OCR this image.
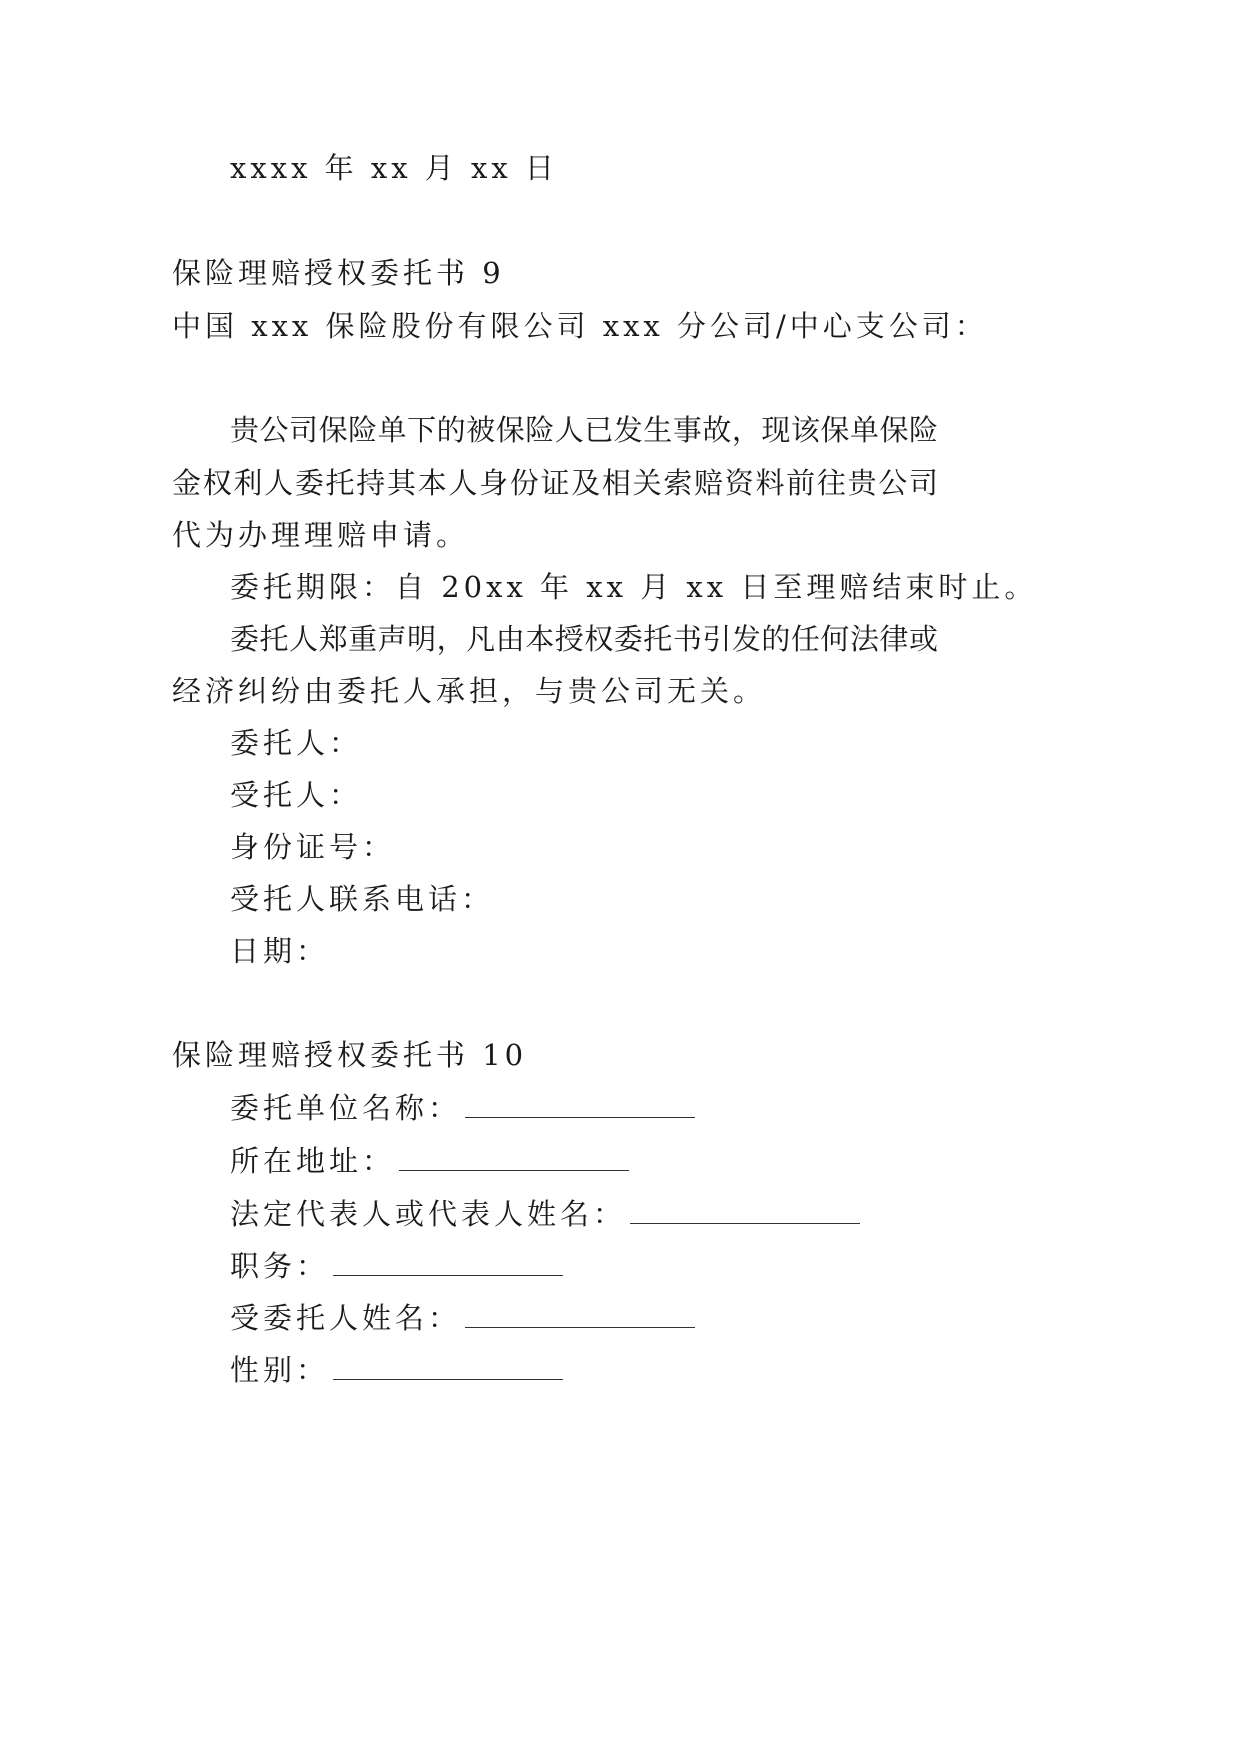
xxxx 年 xx 月 xx 日
保险理赔授权委托书 9
中国 xxx 保险股份有限公司 xxx 分公司/中心支公司：
贵公司保险单下的被保险人已发生事故，现该保单保险
金权利人委托持其本人身份证及相关索赔资料前往贵公司
代为办理理赔申请。
委托期限：自 20xx 年 xx 月 xx 日至理赔结束时止。
委托人郑重声明，凡由本授权委托书引发的任何法律或
经济纠纷由委托人承担，与贵公司无关。
委托人：
受托人：
身份证号：
受托人联系电话：
日期：
保险理赔授权委托书 10
委托单位名称：
所在地址：
法定代表人或代表人姓名：
职务：
受委托人姓名：
性别：
